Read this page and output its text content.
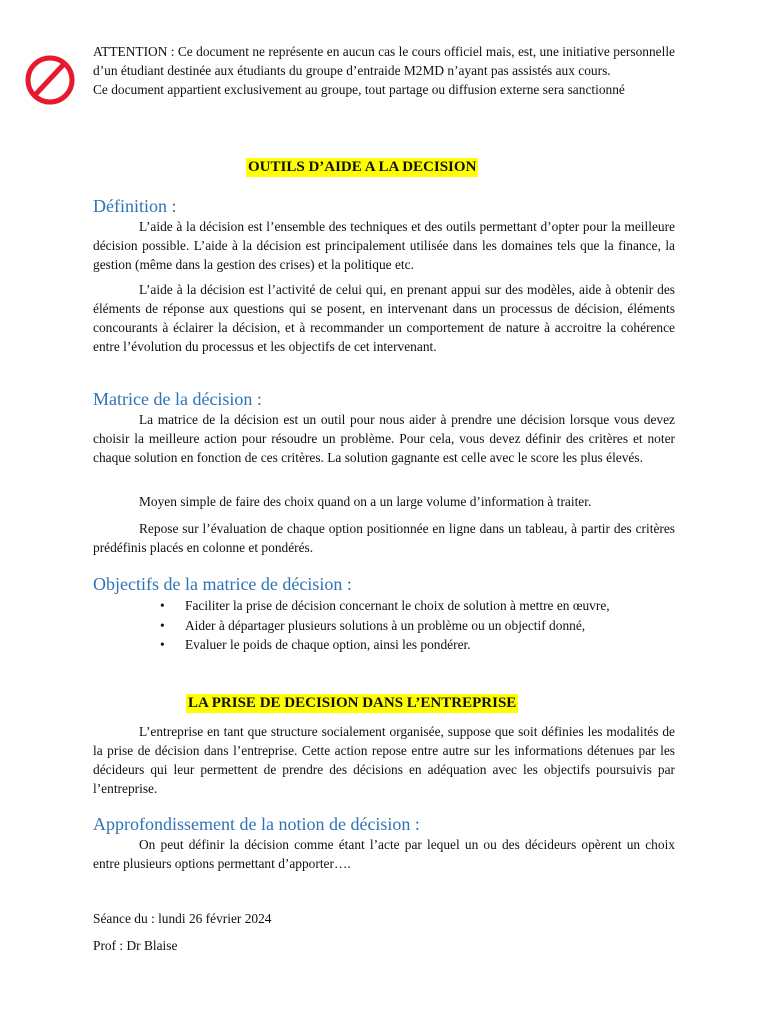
ATTENTION : Ce document ne représente en aucun cas le cours officiel mais, est, une initiative personnelle d’un étudiant destinée aux étudiants du groupe d’entraide M2MD n’ayant pas assistés aux cours.

Ce document appartient exclusivement au groupe, tout partage ou diffusion externe sera sanctionné

OUTILS D’AIDE A LA DECISION
Définition :

L’aide à la décision est l’ensemble des techniques et des outils permettant d’opter pour la meilleure décision possible. L’aide à la décision est principalement utilisée dans les domaines tels que la finance, la gestion (même dans la gestion des crises) et la politique etc.

L’aide à la décision est l’activité de celui qui, en prenant appui sur des modèles, aide à obtenir des éléments de réponse aux questions qui se posent, en intervenant dans un processus de décision, éléments concourants à éclairer la décision, et à recommander un comportement de nature à accroitre la cohérence entre l’évolution du processus et les objectifs de cet intervenant.

Matrice de la décision :

La matrice de la décision est un outil pour nous aider à prendre une décision lorsque vous devez choisir la meilleure action pour résoudre un problème. Pour cela, vous devez définir des critères et noter chaque solution en fonction de ces critères. La solution gagnante est celle avec le score les plus élevés.

Moyen simple de faire des choix quand on a un large volume d’information à traiter.

Repose sur l’évaluation de chaque option positionnée en ligne dans un tableau, à partir des critères prédéfinis placés en colonne et pondérés.

Objectifs de la matrice de décision :
• Faciliter la prise de décision concernant le choix de solution à mettre en œuvre,
• Aider à départager plusieurs solutions à un problème ou un objectif donné,
• Evaluer le poids de chaque option, ainsi les pondérer.
LA PRISE DE DECISION DANS L’ENTREPRISE

L’entreprise en tant que structure socialement organisée, suppose que soit définies les modalités de la prise de décision dans l’entreprise. Cette action repose entre autre sur les informations détenues par les décideurs qui leur permettent de prendre des décisions en adéquation avec les objectifs poursuivis par l’entreprise.

Approfondissement de la notion de décision :

On peut définir la décision comme étant l’acte par lequel un ou des décideurs opèrent un choix entre plusieurs options permettant d’apporter….

Séance du : lundi 26 février 2024

Prof : Dr Blaise
